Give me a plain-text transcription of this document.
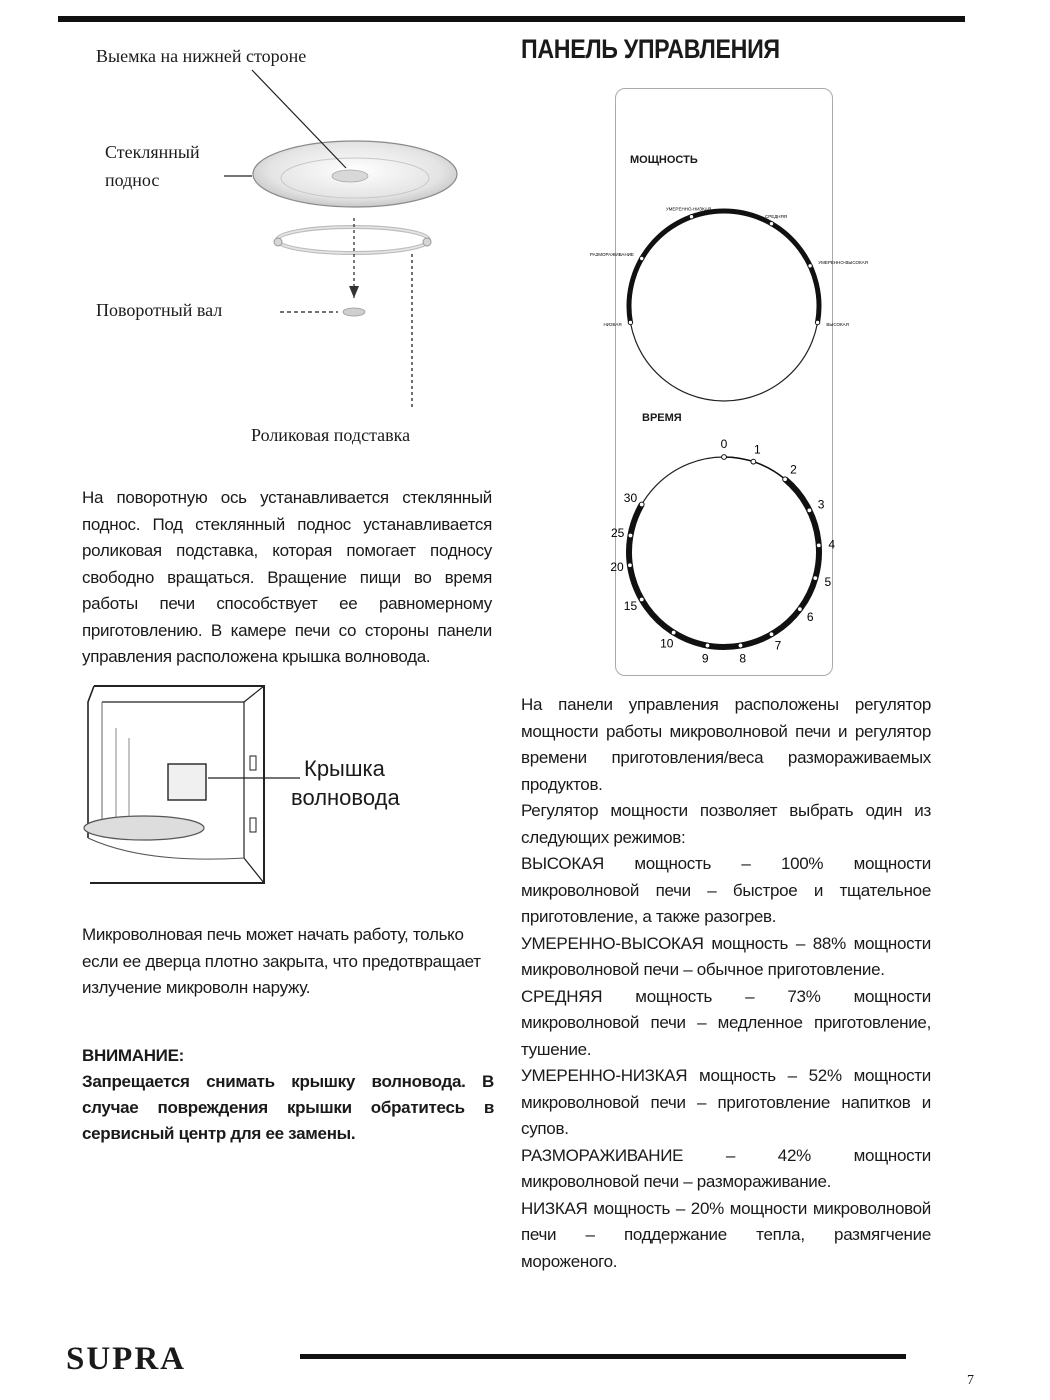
Выемка на нижней стороне
Стеклянный
поднос
Поворотный вал
Роликовая подставка

На поворотную ось устанавливается стеклянный поднос. Под стеклянный поднос устанавливается роликовая подставка, которая помогает подносу свободно вращаться. Вращение пищи во время работы печи способствует ее равномерному приготовлению. В камере печи со стороны панели управления расположена крышка волновода.

Крышка
волновода

Микроволновая печь может начать работу, только если ее дверца плотно закрыта, что предотвращает излучение микроволн наружу.

ВНИМАНИЕ:
Запрещается снимать крышку волновода. В случае повреждения крышки обратитесь в сервисный центр для ее замены.
ПАНЕЛЬ УПРАВЛЕНИЯ
МОЩНОСТЬ
ВРЕМЯ
НИЗКАЯ
РАЗМОРАЖИВАНИЕ
УМЕРЕННО-НИЗКАЯ
СРЕДНЯЯ
УМЕРЕННО-ВЫСОКАЯ
ВЫСОКАЯ
0 1
2
3
4
5
6
7
8
9
10
15
20
25
30

На панели управления расположены регулятор мощности работы микроволновой печи и регулятор времени приготовления/веса размораживаемых продуктов.

Регулятор мощности позволяет выбрать один из следующих режимов:

ВЫСОКАЯ мощность – 100% мощности микроволновой печи – быстрое и тщательное приготовление, а также разогрев.

УМЕРЕННО-ВЫСОКАЯ мощность – 88% мощности микроволновой печи – обычное приготовление.

СРЕДНЯЯ мощность – 73% мощности микроволновой печи – медленное приготовление, тушение.

УМЕРЕННО-НИЗКАЯ мощность – 52% мощности микроволновой печи – приготовление напитков и супов.

РАЗМОРАЖИВАНИЕ – 42% мощности микроволновой печи – размораживание.

НИЗКАЯ мощность – 20% мощности микроволновой печи – поддержание тепла, размягчение мороженого.

SUPRA
7
